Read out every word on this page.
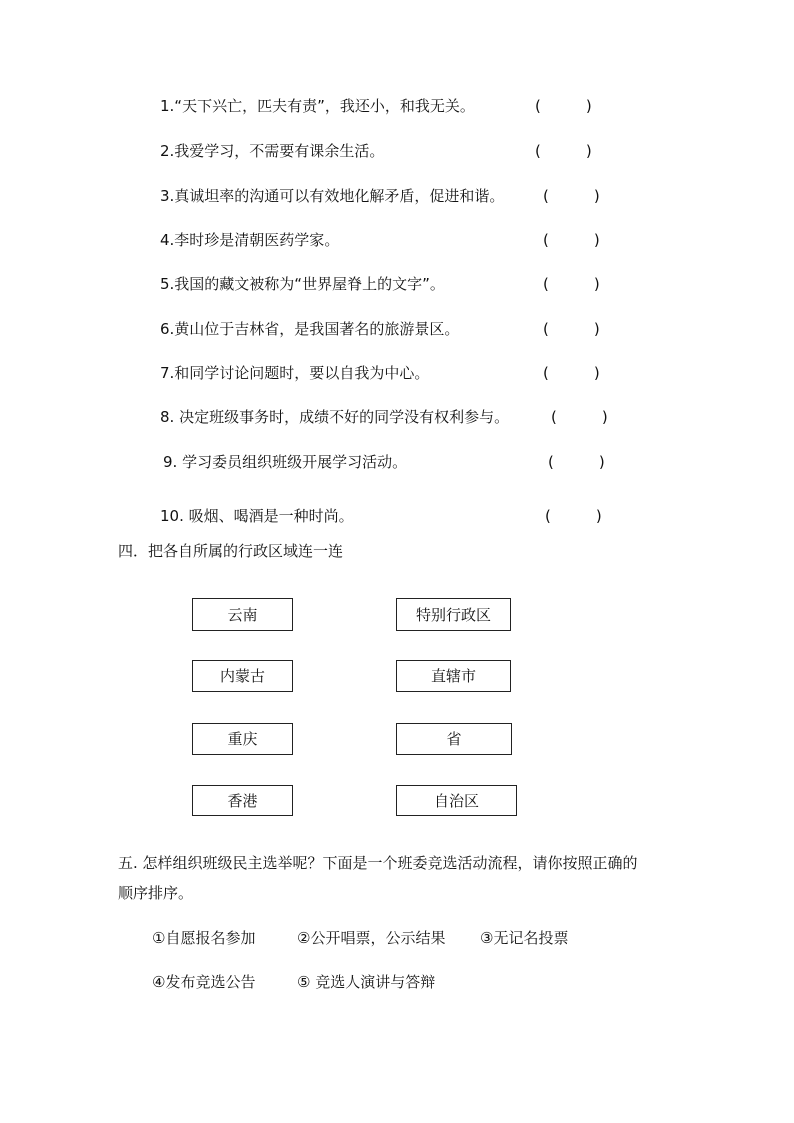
1.“天下兴亡，匹夫有责”，我还小，和我无关。	(　　　)
2.我爱学习，不需要有课余生活。	(　　　)
3.真诚坦率的沟通可以有效地化解矛盾，促进和谐。	(　　　)
4.李时珍是清朝医药学家。	(　　　)
5.我国的藏文被称为“世界屋脊上的文字”。	(　　　)
6.黄山位于吉林省，是我国著名的旅游景区。	(　　　)
7.和同学讨论问题时，要以自我为中心。	(　　　)
8. 决定班级事务时，成绩不好的同学没有权利参与。	(　　　)
9. 学习委员组织班级开展学习活动。	(　　　)
10. 吸烟、喝酒是一种时尚。	(　　　)
四．把各自所属的行政区域连一连
云南
内蒙古
重庆
香港
特别行政区
直辖市
省
自治区
五. 怎样组织班级民主选举呢？下面是一个班委竞选活动流程，请你按照正确的
顺序排序。
①自愿报名参加	②公开唱票，公示结果 ③无记名投票
④发布竞选公告	⑤ 竞选人演讲与答辩
